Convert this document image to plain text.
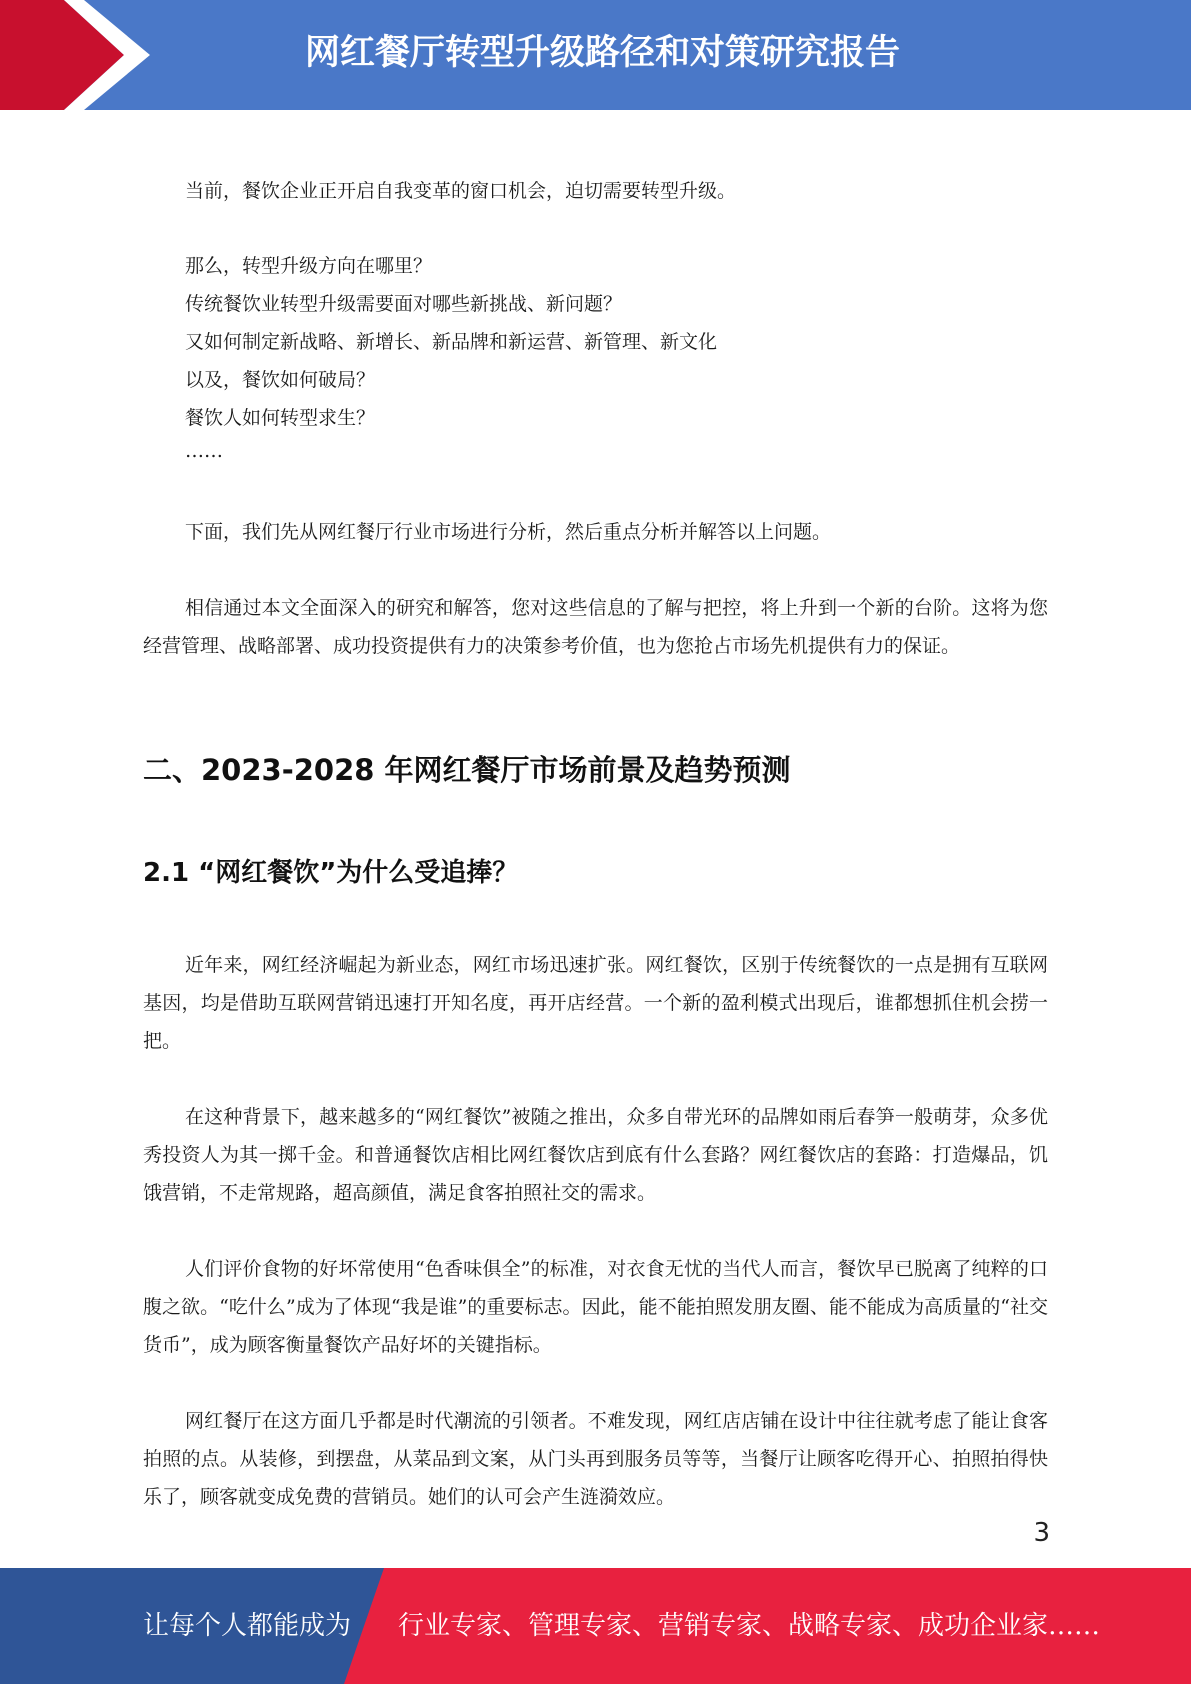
网红餐厅转型升级路径和对策研究报告
当前，餐饮企业正开启自我变革的窗口机会，迫切需要转型升级。
那么，转型升级方向在哪里？
传统餐饮业转型升级需要面对哪些新挑战、新问题？
又如何制定新战略、新增长、新品牌和新运营、新管理、新文化
以及，餐饮如何破局？
餐饮人如何转型求生？
……
下面，我们先从网红餐厅行业市场进行分析，然后重点分析并解答以上问题。
相信通过本文全面深入的研究和解答，您对这些信息的了解与把控，将上升到一个新的台阶。这将为您经营管理、战略部署、成功投资提供有力的决策参考价值，也为您抢占市场先机提供有力的保证。
二、2023-2028 年网红餐厅市场前景及趋势预测
2.1 “网红餐饮”为什么受追捧？
近年来，网红经济崛起为新业态，网红市场迅速扩张。网红餐饮，区别于传统餐饮的一点是拥有互联网基因，均是借助互联网营销迅速打开知名度，再开店经营。一个新的盈利模式出现后，谁都想抓住机会捞一把。
在这种背景下，越来越多的“网红餐饮”被随之推出，众多自带光环的品牌如雨后春笋一般萌芽，众多优秀投资人为其一掷千金。和普通餐饮店相比网红餐饮店到底有什么套路？网红餐饮店的套路：打造爆品，饥饿营销，不走常规路，超高颜值，满足食客拍照社交的需求。
人们评价食物的好坏常使用“色香味俱全”的标准，对衣食无忧的当代人而言，餐饮早已脱离了纯粹的口腹之欲。“吃什么”成为了体现“我是谁”的重要标志。因此，能不能拍照发朋友圈、能不能成为高质量的“社交货币”，成为顾客衡量餐饮产品好坏的关键指标。
网红餐厅在这方面几乎都是时代潮流的引领者。不难发现，网红店店铺在设计中往往就考虑了能让食客拍照的点。从装修，到摆盘，从菜品到文案，从门头再到服务员等等，当餐厅让顾客吃得开心、拍照拍得快乐了，顾客就变成免费的营销员。她们的认可会产生涟漪效应。
3
让每个人都能成为 行业专家、管理专家、营销专家、战略专家、成功企业家……
